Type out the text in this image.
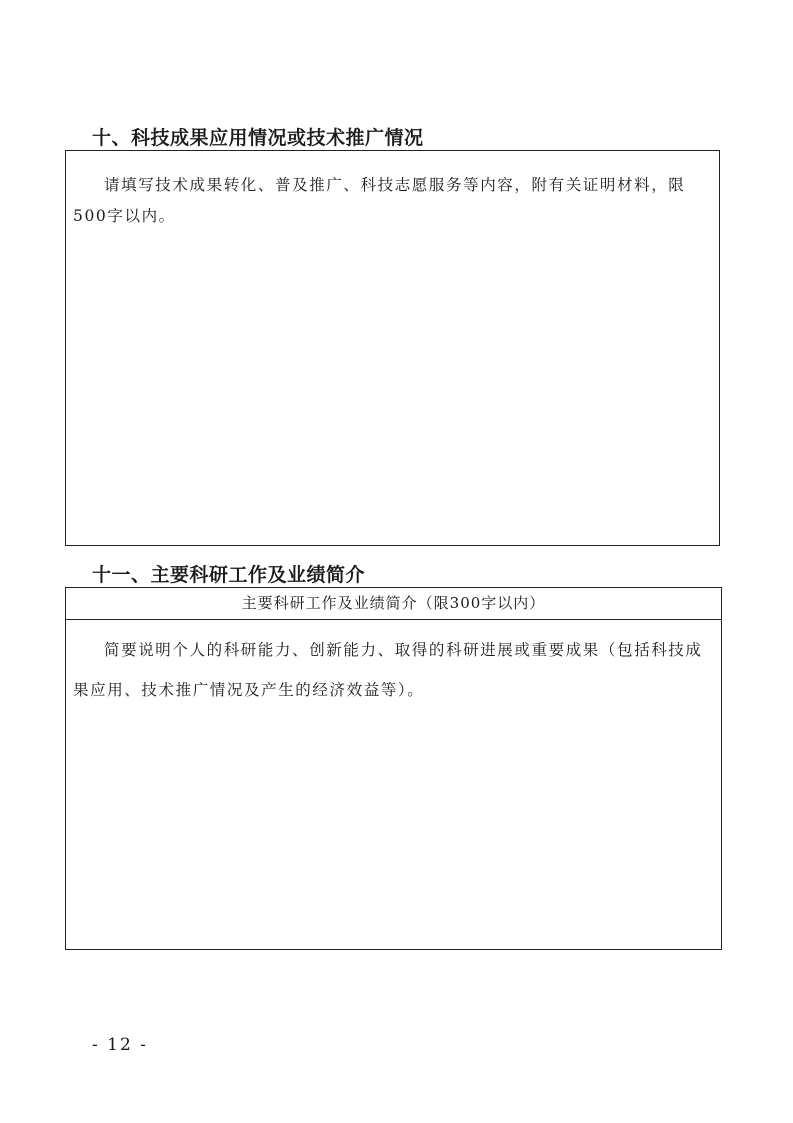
十、科技成果应用情况或技术推广情况

请填写技术成果转化、普及推广、科技志愿服务等内容，附有关证明材料，限500字以内。

十一、主要科研工作及业绩简介
主要科研工作及业绩简介（限300字以内）

简要说明个人的科研能力、创新能力、取得的科研进展或重要成果（包括科技成果应用、技术推广情况及产生的经济效益等）。

- 12 -
